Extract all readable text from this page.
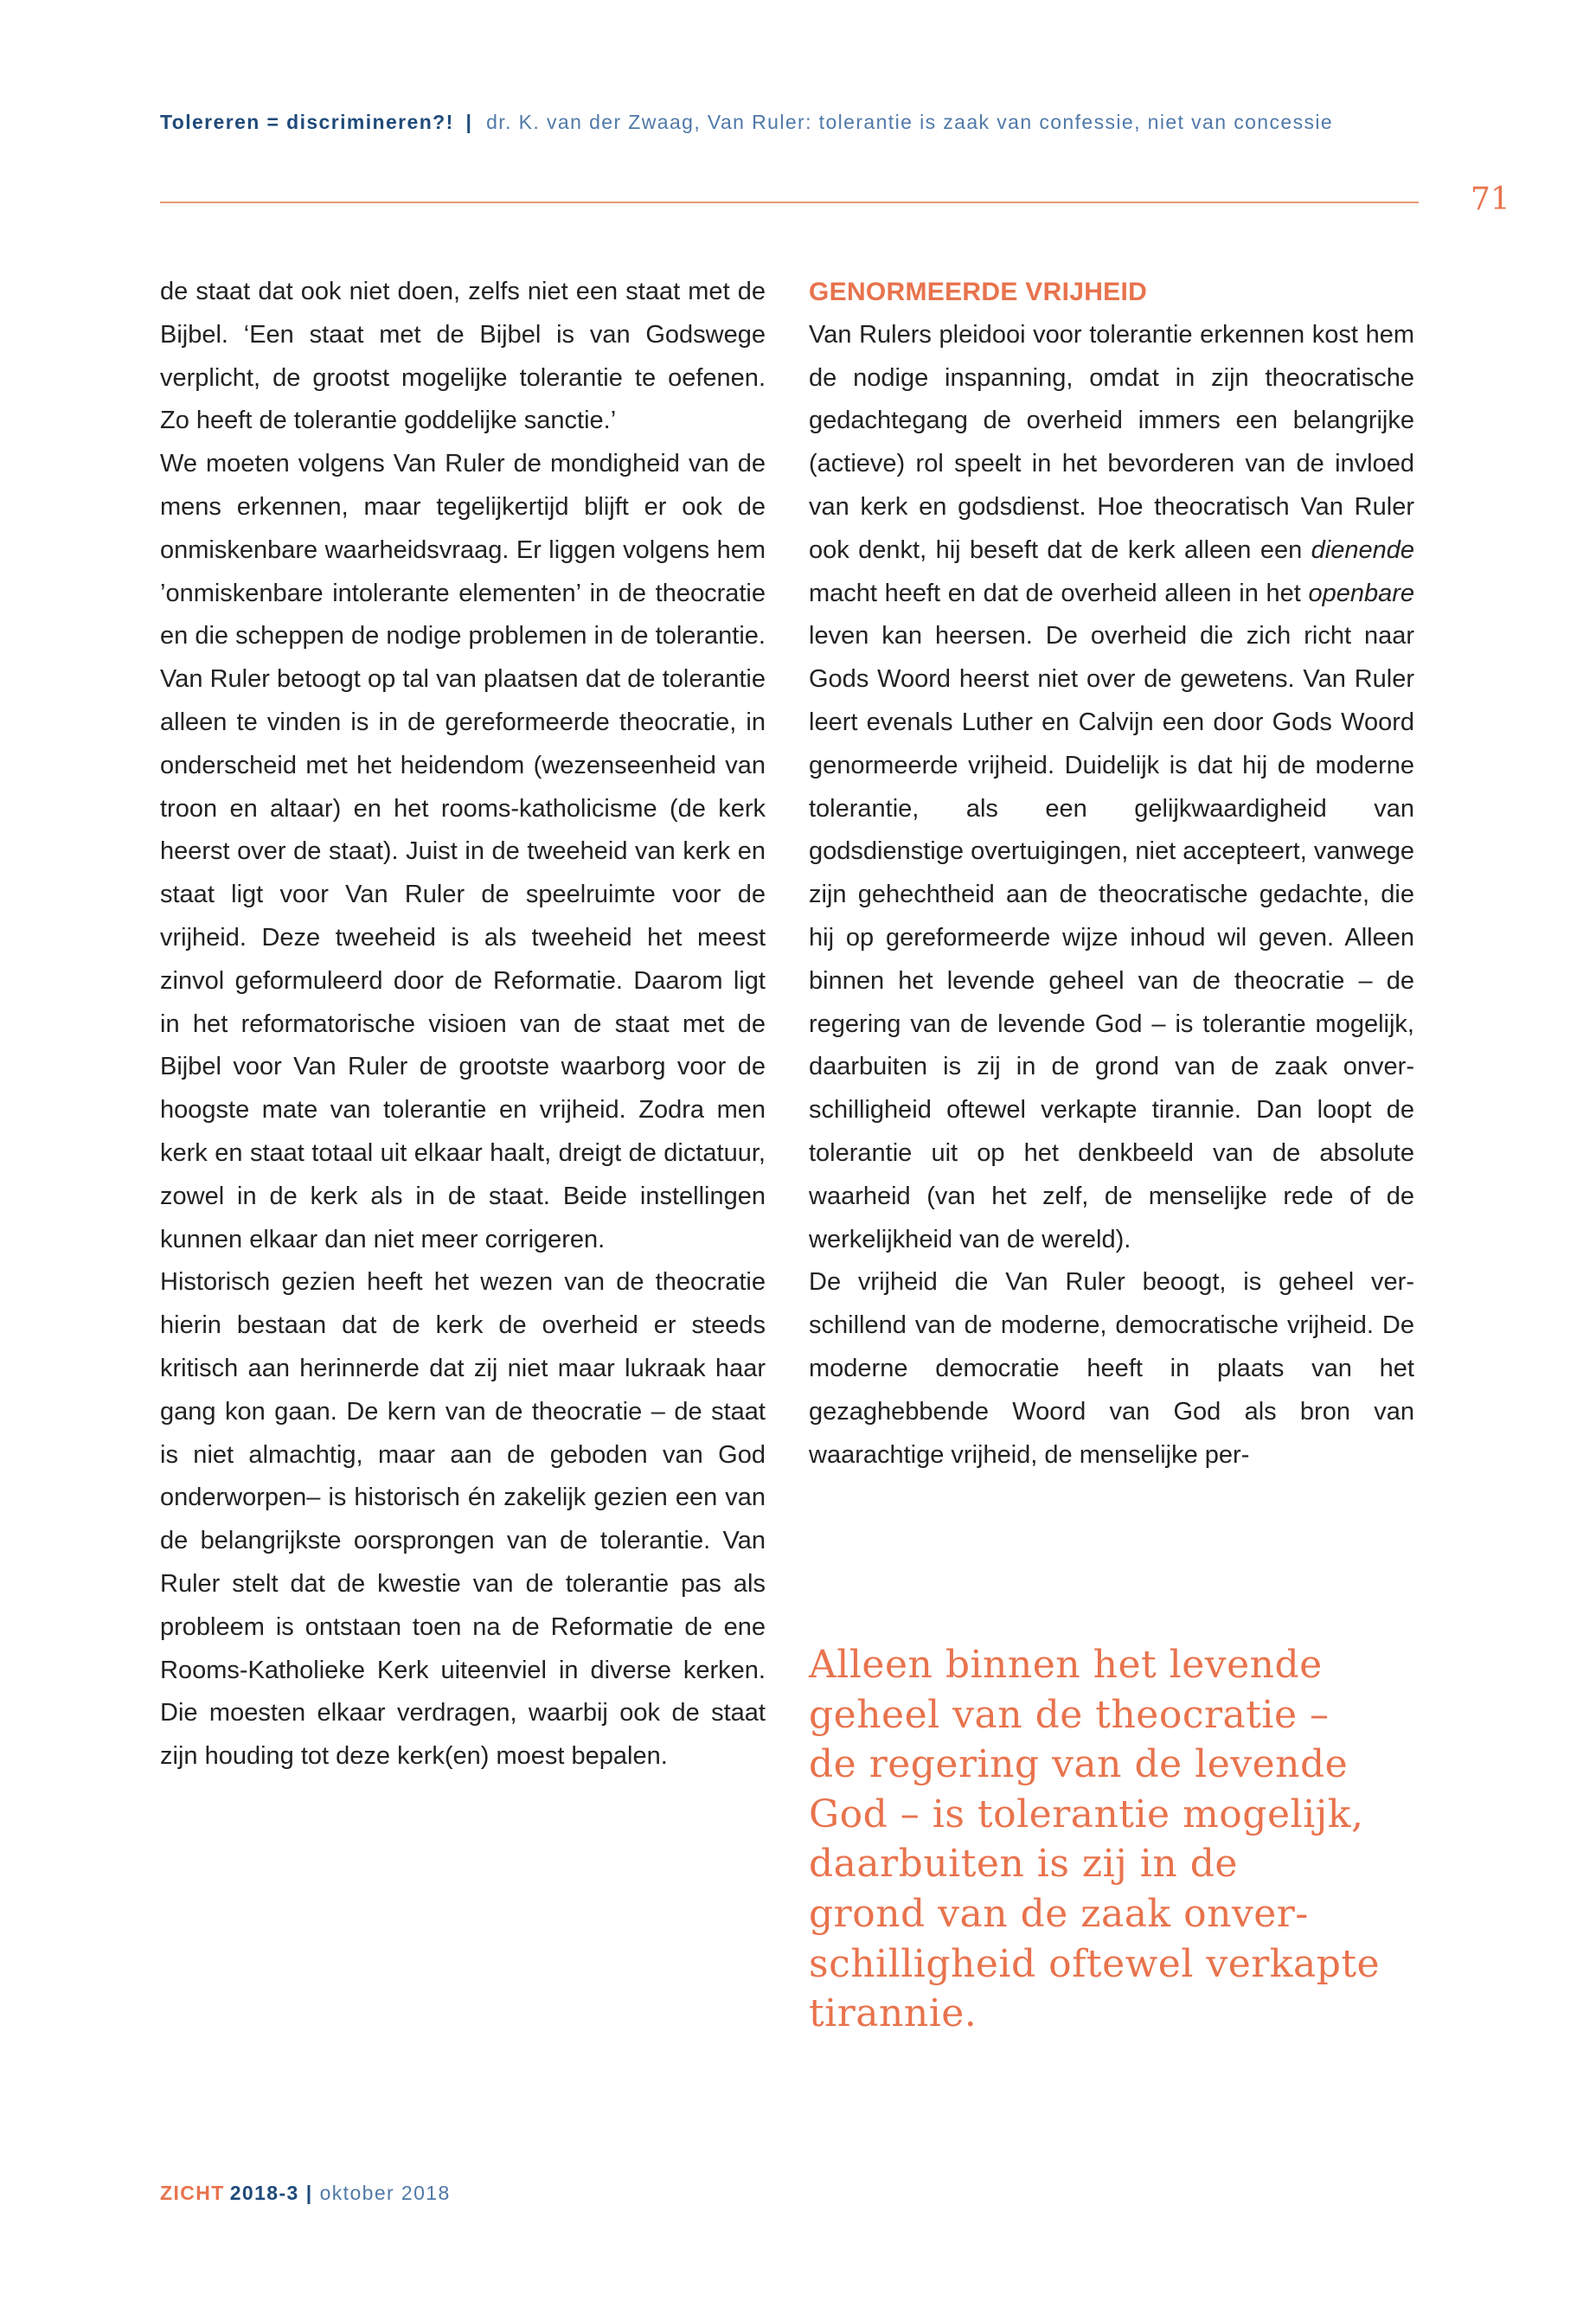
Tolereren = discrimineren?! | dr. K. van der Zwaag, Van Ruler: tolerantie is zaak van confessie, niet van concessie
71

de staat dat ook niet doen, zelfs niet een staat met de Bijbel. ‘Een staat met de Bijbel is van Godswege verplicht, de grootst mogelijke tolerantie te oefenen. Zo heeft de tolerantie goddelijke sanctie.’

We moeten volgens Van Ruler de mondigheid van de mens erkennen, maar tegelijkertijd blijft er ook de onmiskenbare waarheidsvraag. Er liggen volgens hem ’onmiskenbare intolerante elementen’ in de theocratie en die scheppen de nodige problemen in de tolerantie. Van Ruler betoogt op tal van plaatsen dat de tolerantie alleen te vinden is in de gereformeerde theocratie, in onderscheid met het heidendom (wezenseenheid van troon en altaar) en het rooms-katholicisme (de kerk heerst over de staat). Juist in de tweeheid van kerk en staat ligt voor Van Ruler de speelruimte voor de vrijheid. Deze tweeheid is als tweeheid het meest zinvol geformuleerd door de Reformatie. Daarom ligt in het reformatorische visioen van de staat met de Bijbel voor Van Ruler de grootste waarborg voor de hoogste mate van tolerantie en vrijheid. Zodra men kerk en staat totaal uit elkaar haalt, dreigt de dictatuur, zowel in de kerk als in de staat. Beide instellingen kunnen elkaar dan niet meer corrigeren.

Historisch gezien heeft het wezen van de theocratie hierin bestaan dat de kerk de overheid er steeds kritisch aan herinnerde dat zij niet maar lukraak haar gang kon gaan. De kern van de theocratie – de staat is niet almachtig, maar aan de geboden van God onderworpen– is historisch én zakelijk gezien een van de belangrijkste oorsprongen van de tolerantie. Van Ruler stelt dat de kwestie van de tolerantie pas als probleem is ontstaan toen na de Reformatie de ene Rooms-Katholieke Kerk uiteenviel in diverse kerken. Die moesten elkaar verdragen, waarbij ook de staat zijn houding tot deze kerk(en) moest bepalen.

GENORMEERDE VRIJHEID

Van Rulers pleidooi voor tolerantie erkennen kost hem de nodige inspanning, omdat in zijn theocratische gedachtegang de overheid immers een belangrijke (actieve) rol speelt in het bevorderen van de invloed van kerk en godsdienst. Hoe theocratisch Van Ruler ook denkt, hij beseft dat de kerk alleen een dienende macht heeft en dat de overheid alleen in het openbare leven kan heersen. De overheid die zich richt naar Gods Woord heerst niet over de gewetens. Van Ruler leert evenals Luther en Calvijn een door Gods Woord genormeerde vrijheid. Duidelijk is dat hij de moderne tolerantie, als een gelijkwaardigheid van godsdienstige overtuigingen, niet accepteert, vanwege zijn gehechtheid aan de theocratische gedachte, die hij op gereformeerde wijze inhoud wil geven. Alleen binnen het levende geheel van de theocratie – de regering van de levende God – is tolerantie mogelijk, daarbuiten is zij in de grond van de zaak onverschilligheid oftewel verkapte tirannie. Dan loopt de tolerantie uit op het denkbeeld van de absolute waarheid (van het zelf, de menselijke rede of de werkelijkheid van de wereld).

De vrijheid die Van Ruler beoogt, is geheel verschillend van de moderne, democratische vrijheid. De moderne democratie heeft in plaats van het gezaghebbende Woord van God als bron van waarachtige vrijheid, de menselijke per-

Alleen binnen het levende
geheel van de theocratie –
de regering van de levende
God – is tolerantie mogelijk,
daarbuiten is zij in de
grond van de zaak onver-
schilligheid oftewel verkapte
tirannie.
ZICHT 2018-3 | oktober 2018
